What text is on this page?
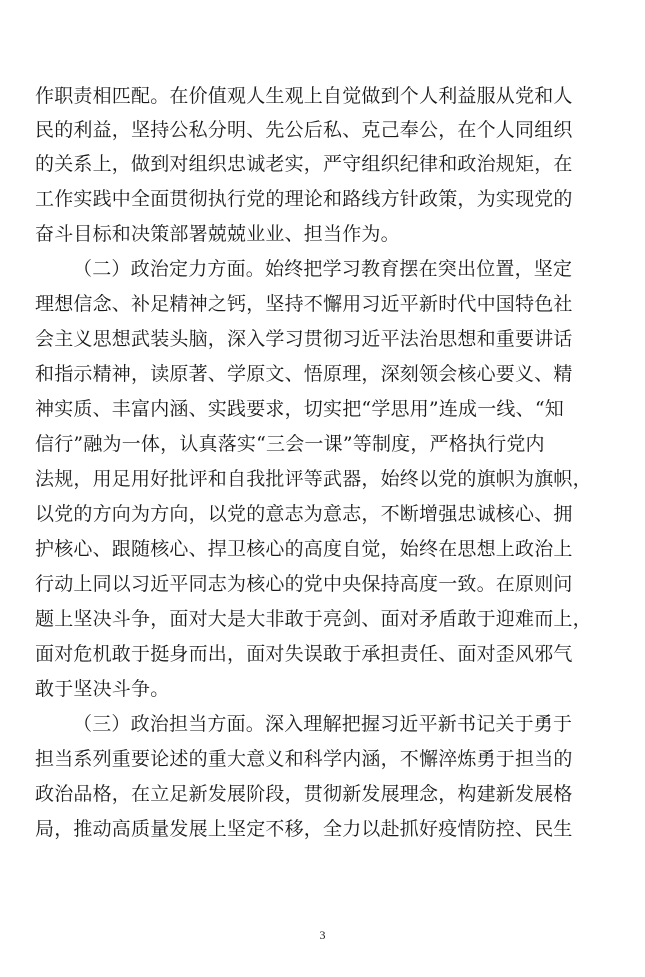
作职责相匹配。在价值观人生观上自觉做到个人利益服从党和人
民的利益，坚持公私分明、先公后私、克己奉公，在个人同组织
的关系上，做到对组织忠诚老实，严守组织纪律和政治规矩，在
工作实践中全面贯彻执行党的理论和路线方针政策，为实现党的
奋斗目标和决策部署兢兢业业、担当作为。
（二）政治定力方面。始终把学习教育摆在突出位置，坚定
理想信念、补足精神之钙，坚持不懈用习近平新时代中国特色社
会主义思想武装头脑，深入学习贯彻习近平法治思想和重要讲话
和指示精神，读原著、学原文、悟原理，深刻领会核心要义、精
神实质、丰富内涵、实践要求，切实把“学思用”连成一线、“知
信行”融为一体，认真落实“三会一课”等制度，严格执行党内
法规，用足用好批评和自我批评等武器，始终以党的旗帜为旗帜，
以党的方向为方向，以党的意志为意志，不断增强忠诚核心、拥
护核心、跟随核心、捍卫核心的高度自觉，始终在思想上政治上
行动上同以习近平同志为核心的党中央保持高度一致。在原则问
题上坚决斗争，面对大是大非敢于亮剑、面对矛盾敢于迎难而上，
面对危机敢于挺身而出，面对失误敢于承担责任、面对歪风邪气
敢于坚决斗争。
（三）政治担当方面。深入理解把握习近平新书记关于勇于
担当系列重要论述的重大意义和科学内涵，不懈淬炼勇于担当的
政治品格，在立足新发展阶段，贯彻新发展理念，构建新发展格
局，推动高质量发展上坚定不移，全力以赴抓好疫情防控、民生
3
